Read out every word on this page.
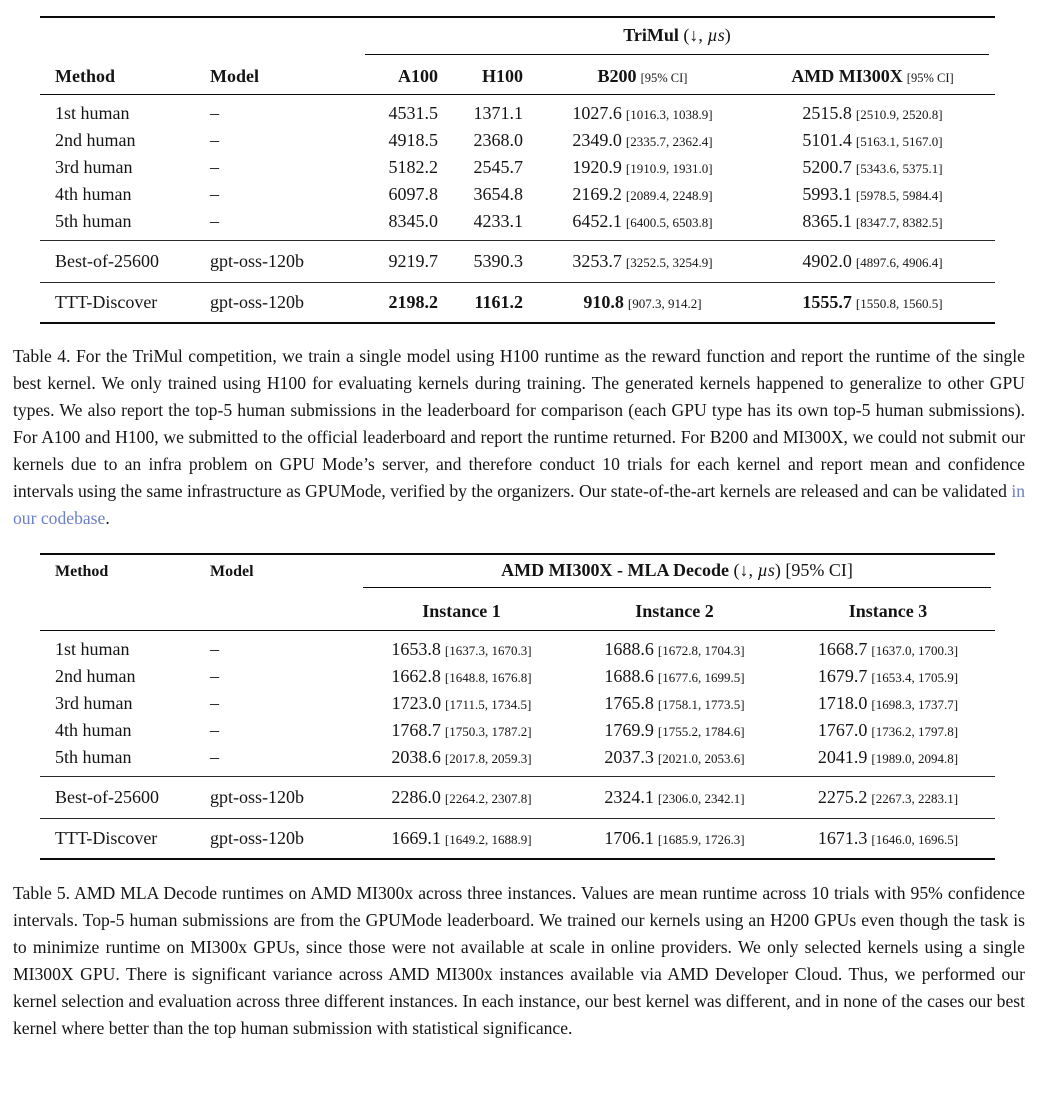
TriMul (↓, µs)
Method	Model	A100	H100	B200 [95% CI]	AMD MI300X [95% CI]
1st human	–	4531.5	1371.1	1027.6 [1016.3, 1038.9]	2515.8 [2510.9, 2520.8]
2nd human	–	4918.5	2368.0	2349.0 [2335.7, 2362.4]	5101.4 [5163.1, 5167.0]
3rd human	–	5182.2	2545.7	1920.9 [1910.9, 1931.0]	5200.7 [5343.6, 5375.1]
4th human	–	6097.8	3654.8	2169.2 [2089.4, 2248.9]	5993.1 [5978.5, 5984.4]
5th human	–	8345.0	4233.1	6452.1 [6400.5, 6503.8]	8365.1 [8347.7, 8382.5]
Best-of-25600	gpt-oss-120b	9219.7	5390.3	3253.7 [3252.5, 3254.9]	4902.0 [4897.6, 4906.4]
TTT-Discover	gpt-oss-120b	2198.2	1161.2	910.8 [907.3, 914.2]	1555.7 [1550.8, 1560.5]
Table 4. For the TriMul competition, we train a single model using H100 runtime as the reward function and report the runtime of the single best kernel. We only trained using H100 for evaluating kernels during training. The generated kernels happened to generalize to other GPU types. We also report the top-5 human submissions in the leaderboard for comparison (each GPU type has its own top-5 human submissions). For A100 and H100, we submitted to the official leaderboard and report the runtime returned. For B200 and MI300X, we could not submit our kernels due to an infra problem on GPU Mode’s server, and therefore conduct 10 trials for each kernel and report mean and confidence intervals using the same infrastructure as GPUMode, verified by the organizers. Our state-of-the-art kernels are released and can be validated in our codebase.
Method	Model	AMD MI300X - MLA Decode (↓, µs) [95% CI]
Instance 1	Instance 2	Instance 3
1st human	–	1653.8 [1637.3, 1670.3]	1688.6 [1672.8, 1704.3]	1668.7 [1637.0, 1700.3]
2nd human	–	1662.8 [1648.8, 1676.8]	1688.6 [1677.6, 1699.5]	1679.7 [1653.4, 1705.9]
3rd human	–	1723.0 [1711.5, 1734.5]	1765.8 [1758.1, 1773.5]	1718.0 [1698.3, 1737.7]
4th human	–	1768.7 [1750.3, 1787.2]	1769.9 [1755.2, 1784.6]	1767.0 [1736.2, 1797.8]
5th human	–	2038.6 [2017.8, 2059.3]	2037.3 [2021.0, 2053.6]	2041.9 [1989.0, 2094.8]
Best-of-25600	gpt-oss-120b	2286.0 [2264.2, 2307.8]	2324.1 [2306.0, 2342.1]	2275.2 [2267.3, 2283.1]
TTT-Discover	gpt-oss-120b	1669.1 [1649.2, 1688.9]	1706.1 [1685.9, 1726.3]	1671.3 [1646.0, 1696.5]
Table 5. AMD MLA Decode runtimes on AMD MI300x across three instances. Values are mean runtime across 10 trials with 95% confidence intervals. Top-5 human submissions are from the GPUMode leaderboard. We trained our kernels using an H200 GPUs even though the task is to minimize runtime on MI300x GPUs, since those were not available at scale in online providers. We only selected kernels using a single MI300X GPU. There is significant variance across AMD MI300x instances available via AMD Developer Cloud. Thus, we performed our kernel selection and evaluation across three different instances. In each instance, our best kernel was different, and in none of the cases our best kernel where better than the top human submission with statistical significance.
